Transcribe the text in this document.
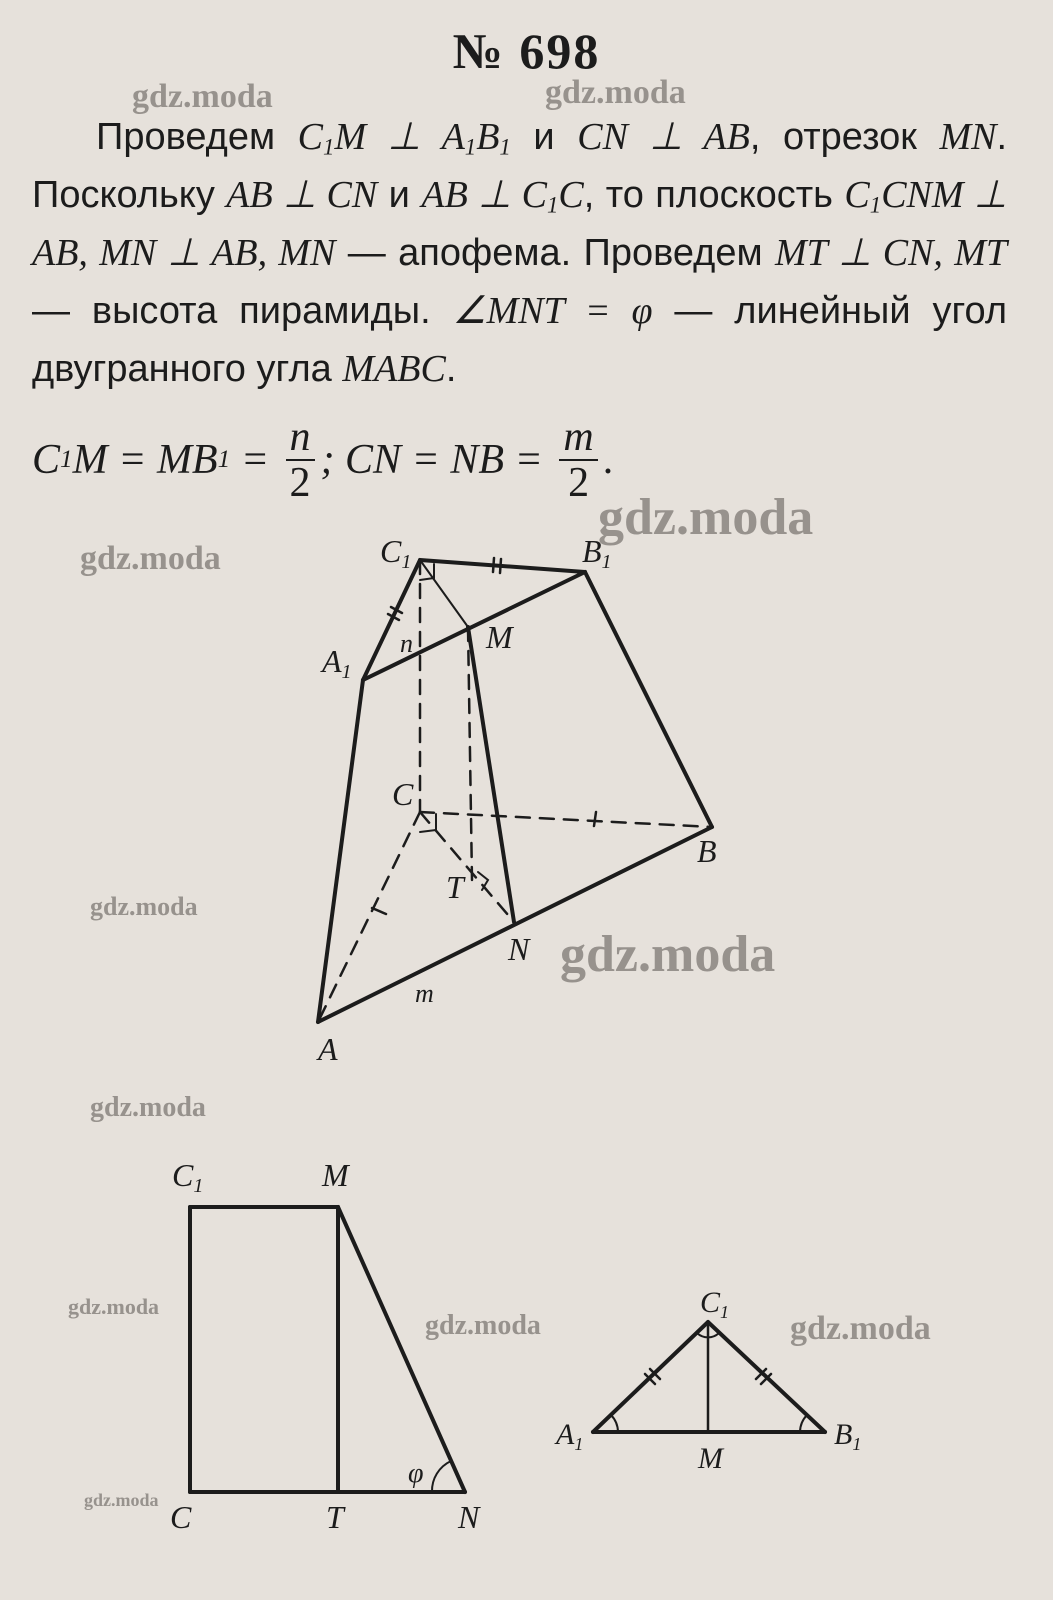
№ 698
Проведем $C_1M$ ⊥ $A_1B_1$ и CN ⊥ AB, отрезок MN. Поскольку AB ⊥ CN и AB ⊥ $C_1C$, то плоскость $C_1CNM$ ⊥ AB, MN ⊥ AB, MN — апофема. Проведем MT ⊥ CN, MT — высота пирамиды. ∠MNT = φ — линейный угол двугранного угла MABC.
C 1 M = MB $1 = \frac{n}{2}$ ; CN = NB = $\frac{m}{2}$ .
gdz.moda	gdz.moda
gdz.moda
gdz.moda
gdz.moda
gdz.moda
gdz.moda
gdz.moda
gdz.moda	gdz.moda
gdz.moda
C1	B1
A1
M
C
B
T
N
A
n
m
C1	M
C	T	N
φ
$C_1$
$A_1$	$B_1$
M
